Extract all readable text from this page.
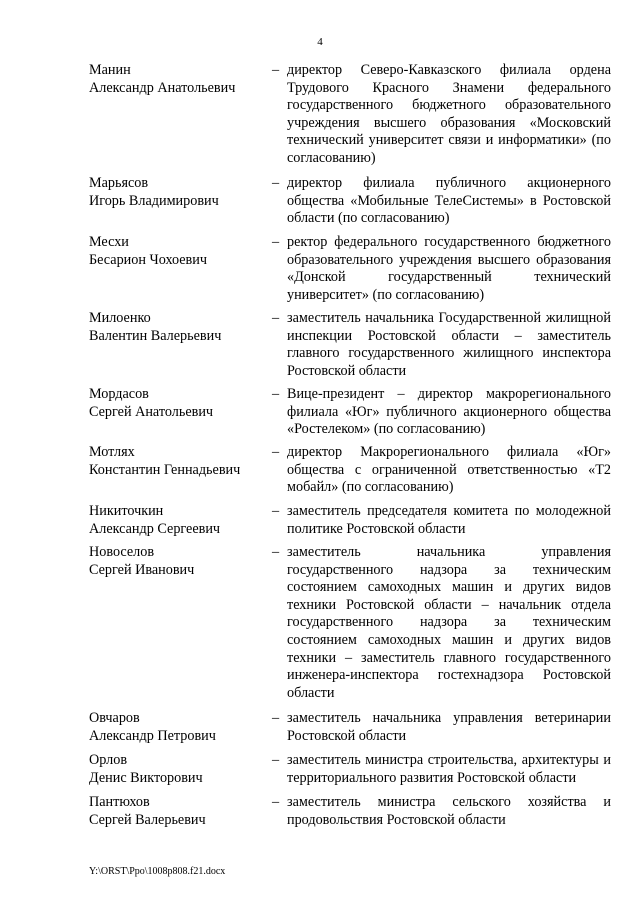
4
Манин
Александр Анатольевич
– директор Северо-Кавказского филиала ордена Трудового Красного Знамени федерального государственного бюджетного образовательного учреждения высшего образования «Московский технический университет связи и информатики» (по согласованию)
Марьясов
Игорь Владимирович
– директор филиала публичного акционерного общества «Мобильные ТелеСистемы» в Ростовской области (по согласованию)
Месхи
Бесарион Чохоевич
– ректор федерального государственного бюджетного образовательного учреждения высшего образования «Донской государственный технический университет» (по согласованию)
Милоенко
Валентин Валерьевич
– заместитель начальника Государственной жилищной инспекции Ростовской области – заместитель главного государственного жилищного инспектора Ростовской области
Мордасов
Сергей Анатольевич
– Вице-президент – директор макрорегионального филиала «Юг» публичного акционерного общества «Ростелеком» (по согласованию)
Мотлях
Константин Геннадьевич
– директор Макрорегионального филиала «Юг» общества с ограниченной ответственностью «Т2 мобайл» (по согласованию)
Никиточкин
Александр Сергеевич
– заместитель председателя комитета по молодежной политике Ростовской области
Новоселов
Сергей Иванович
– заместитель начальника управления государственного надзора за техническим состоянием самоходных машин и других видов техники Ростовской области – начальник отдела государственного надзора за техническим состоянием самоходных машин и других видов техники – заместитель главного государственного инженера-инспектора гостехнадзора Ростовской области
Овчаров
Александр Петрович
– заместитель начальника управления ветеринарии Ростовской области
Орлов
Денис Викторович
– заместитель министра строительства, архитектуры и территориального развития Ростовской области
Пантюхов
Сергей Валерьевич
– заместитель министра сельского хозяйства и продовольствия Ростовской области
Y:\ORST\Ppo\1008p808.f21.docx
